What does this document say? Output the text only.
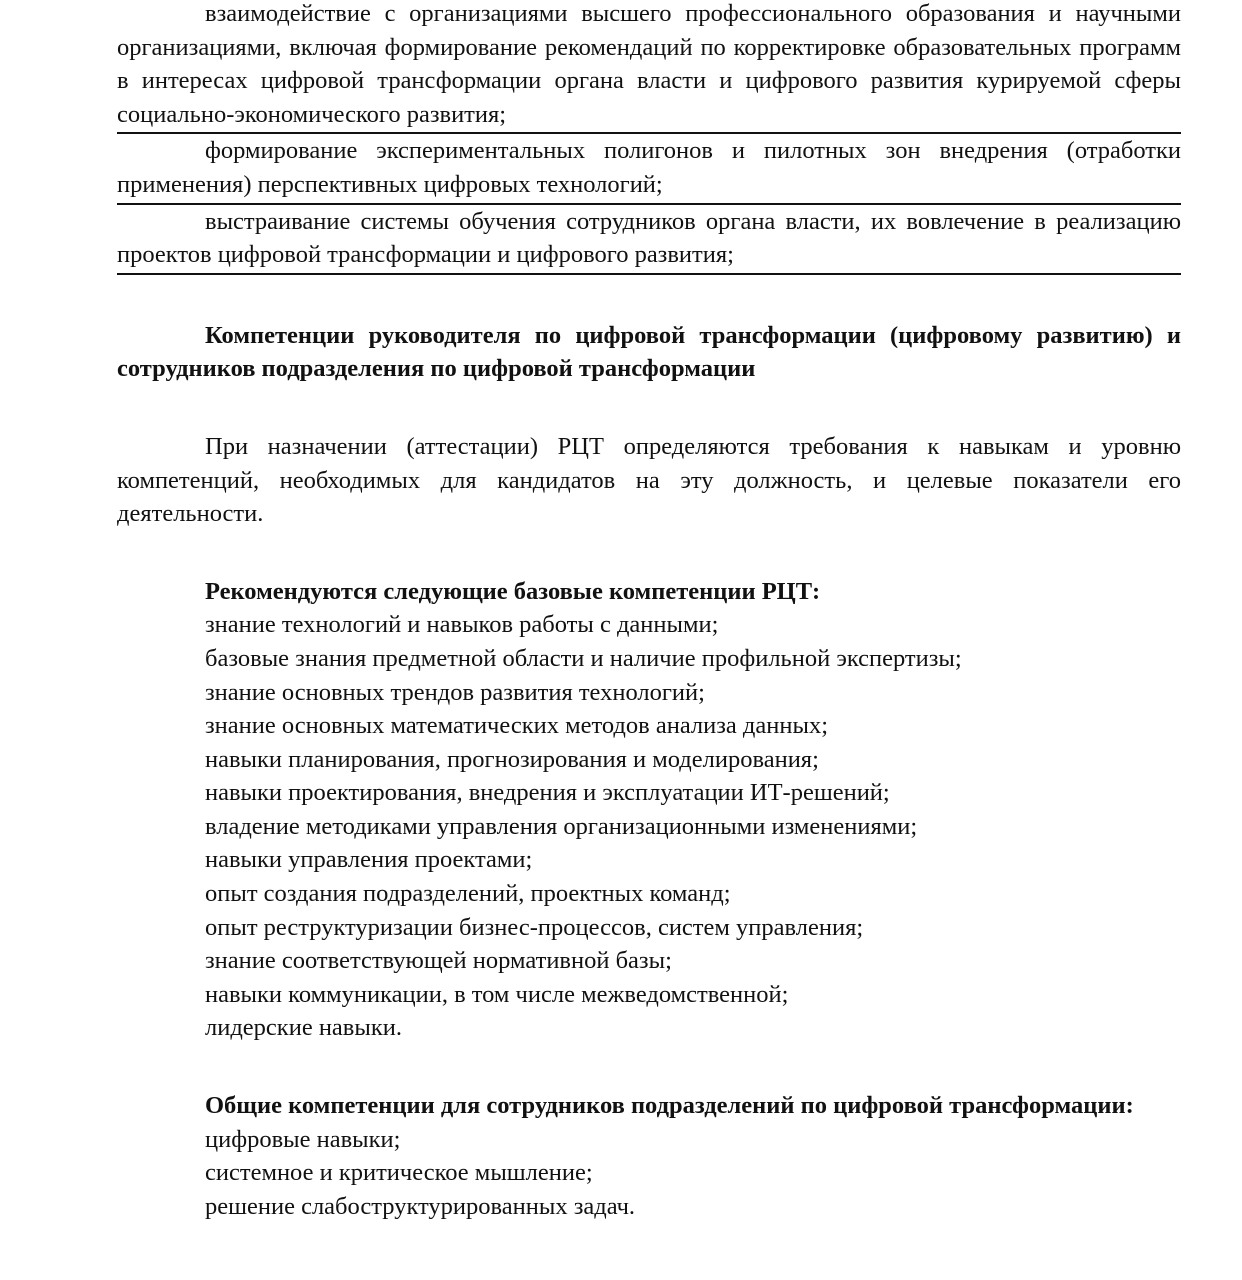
взаимодействие с организациями высшего профессионального образования и научными организациями, включая формирование рекомендаций по корректировке образовательных программ в интересах цифровой трансформации органа власти и цифрового развития курируемой сферы социально-экономического развития;

формирование экспериментальных полигонов и пилотных зон внедрения (отработки применения) перспективных цифровых технологий;

выстраивание системы обучения сотрудников органа власти, их вовлечение в реализацию проектов цифровой трансформации и цифрового развития;

Компетенции руководителя по цифровой трансформации (цифровому развитию) и сотрудников подразделения по цифровой трансформации

При назначении (аттестации) РЦТ определяются требования к навыкам и уровню компетенций, необходимых для кандидатов на эту должность, и целевые показатели его деятельности.

Рекомендуются следующие базовые компетенции РЦТ:
знание технологий и навыков работы с данными;
базовые знания предметной области и наличие профильной экспертизы;
знание основных трендов развития технологий;
знание основных математических методов анализа данных;
навыки планирования, прогнозирования и моделирования;
навыки проектирования, внедрения и эксплуатации ИТ-решений;
владение методиками управления организационными изменениями;
навыки управления проектами;
опыт создания подразделений, проектных команд;
опыт реструктуризации бизнес-процессов, систем управления;
знание соответствующей нормативной базы;
навыки коммуникации, в том числе межведомственной;
лидерские навыки.

Общие компетенции для сотрудников подразделений по цифровой трансформации:

цифровые навыки;
системное и критическое мышление;
решение слабоструктурированных задач.
